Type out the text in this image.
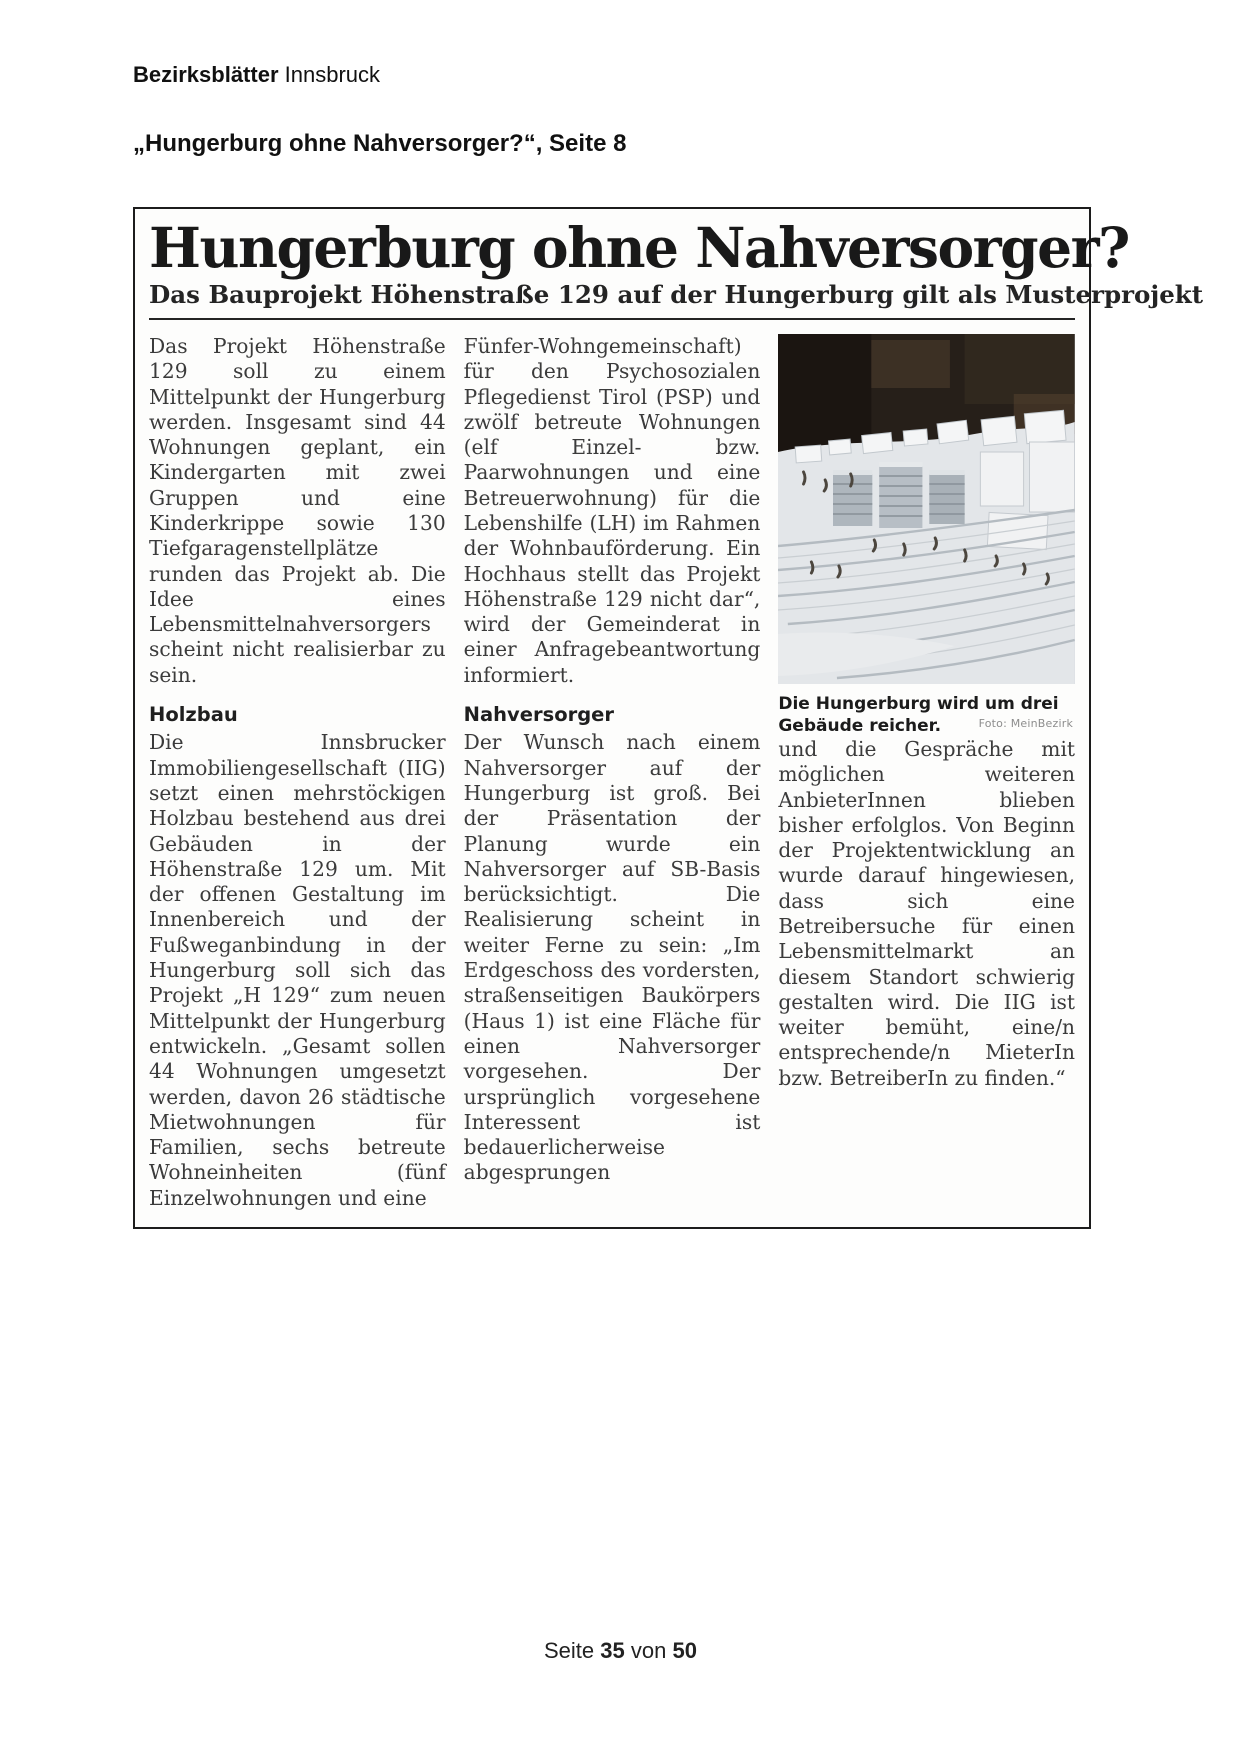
Bezirksblätter Innsbruck
„Hungerburg ohne Nahversorger?“, Seite 8
Hungerburg ohne Nahversorger?
Das Bauprojekt Höhenstraße 129 auf der Hungerburg gilt als Musterprojekt

Das Projekt Höhenstraße 129 soll zu einem Mittelpunkt der Hungerburg werden. Insgesamt sind 44 Wohnungen geplant, ein Kindergarten mit zwei Gruppen und eine Kinderkrippe sowie 130 Tiefgaragenstellplätze runden das Projekt ab. Die Idee eines Lebensmittelnahversorgers scheint nicht realisierbar zu sein.

Holzbau

Die Innsbrucker Immobiliengesellschaft (IIG) setzt einen mehrstöckigen Holzbau bestehend aus drei Gebäuden in der Höhenstraße 129 um. Mit der offenen Gestaltung im Innenbereich und der Fußweganbindung in der Hungerburg soll sich das Projekt „H 129“ zum neuen Mittelpunkt der Hungerburg entwickeln. „Gesamt sollen 44 Wohnungen umgesetzt werden, davon 26 städtische Mietwohnungen für Familien, sechs betreute Wohneinheiten (fünf Einzelwohnungen und eine

Fünfer-Wohngemeinschaft) für den Psychosozialen Pflegedienst Tirol (PSP) und zwölf betreute Wohnungen (elf Einzel- bzw. Paarwohnungen und eine Betreuerwohnung) für die Lebenshilfe (LH) im Rahmen der Wohnbauförderung. Ein Hochhaus stellt das Projekt Höhenstraße 129 nicht dar“, wird der Gemeinderat in einer Anfragebeantwortung informiert.

Nahversorger

Der Wunsch nach einem Nahversorger auf der Hungerburg ist groß. Bei der Präsentation der Planung wurde ein Nahversorger auf SB-Basis berücksichtigt. Die Realisierung scheint in weiter Ferne zu sein: „Im Erdgeschoss des vordersten, straßenseitigen Baukörpers (Haus 1) ist eine Fläche für einen Nahversorger vorgesehen. Der ursprünglich vorgesehene Interessent ist bedauerlicherweise abgesprungen

Die Hungerburg wird um drei Gebäude reicher.	Foto: MeinBezirk

und die Gespräche mit möglichen weiteren AnbieterInnen blieben bisher erfolglos. Von Beginn der Projektentwicklung an wurde darauf hingewiesen, dass sich eine Betreibersuche für einen Lebensmittelmarkt an diesem Standort schwierig gestalten wird. Die IIG ist weiter bemüht, eine/n entsprechende/n MieterIn bzw. BetreiberIn zu finden.“

Seite 35 von 50
